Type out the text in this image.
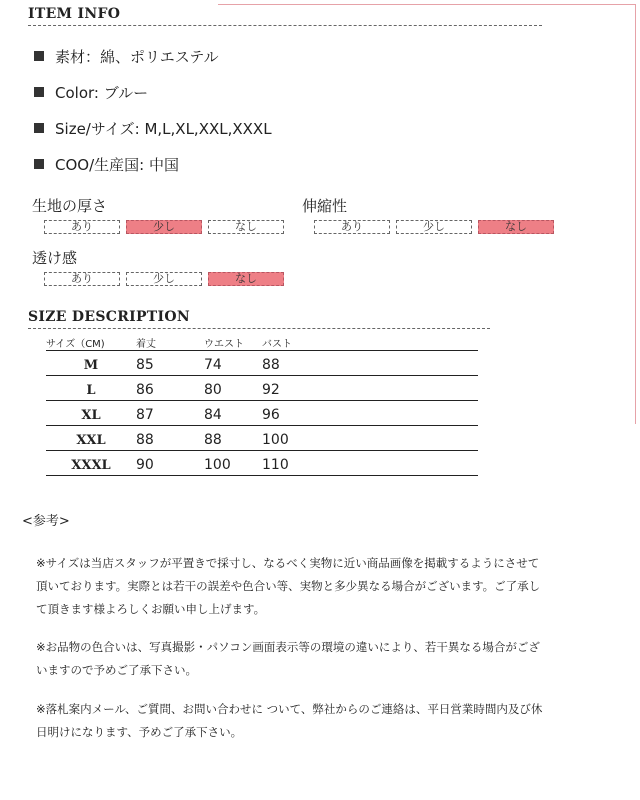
ITEM INFO
素材：綿、ポリエステル
Color: ブルー
Size/サイズ: M,L,XL,XXL,XXXL
COO/生産国: 中国
生地の厚さ
あり	少し	なし
伸縮性
あり	少し	なし
透け感
あり	少し	なし
SIZE DESCRIPTION
サイズ（CM)	着丈	ウエスト	バスト
M	85	74	88
L	86	80	92
XL	87	84	96
XXL	88	88	100
XXXL	90	100	110
<参考>
※サイズは当店スタッフが平置きで採寸し、なるべく実物に近い商品画像を掲載するようにさせて頂いております。実際とは若干の誤差や色合い等、実物と多少異なる場合がございます。ご了承して頂きます様よろしくお願い申し上げます。
※お品物の色合いは、写真撮影・パソコン画面表示等の環境の違いにより、若干異なる場合がございますので予めご了承下さい。
※落札案内メール、ご質問、お問い合わせに ついて、弊社からのご連絡は、平日営業時間内及び休日明けになります、予めご了承下さい。
